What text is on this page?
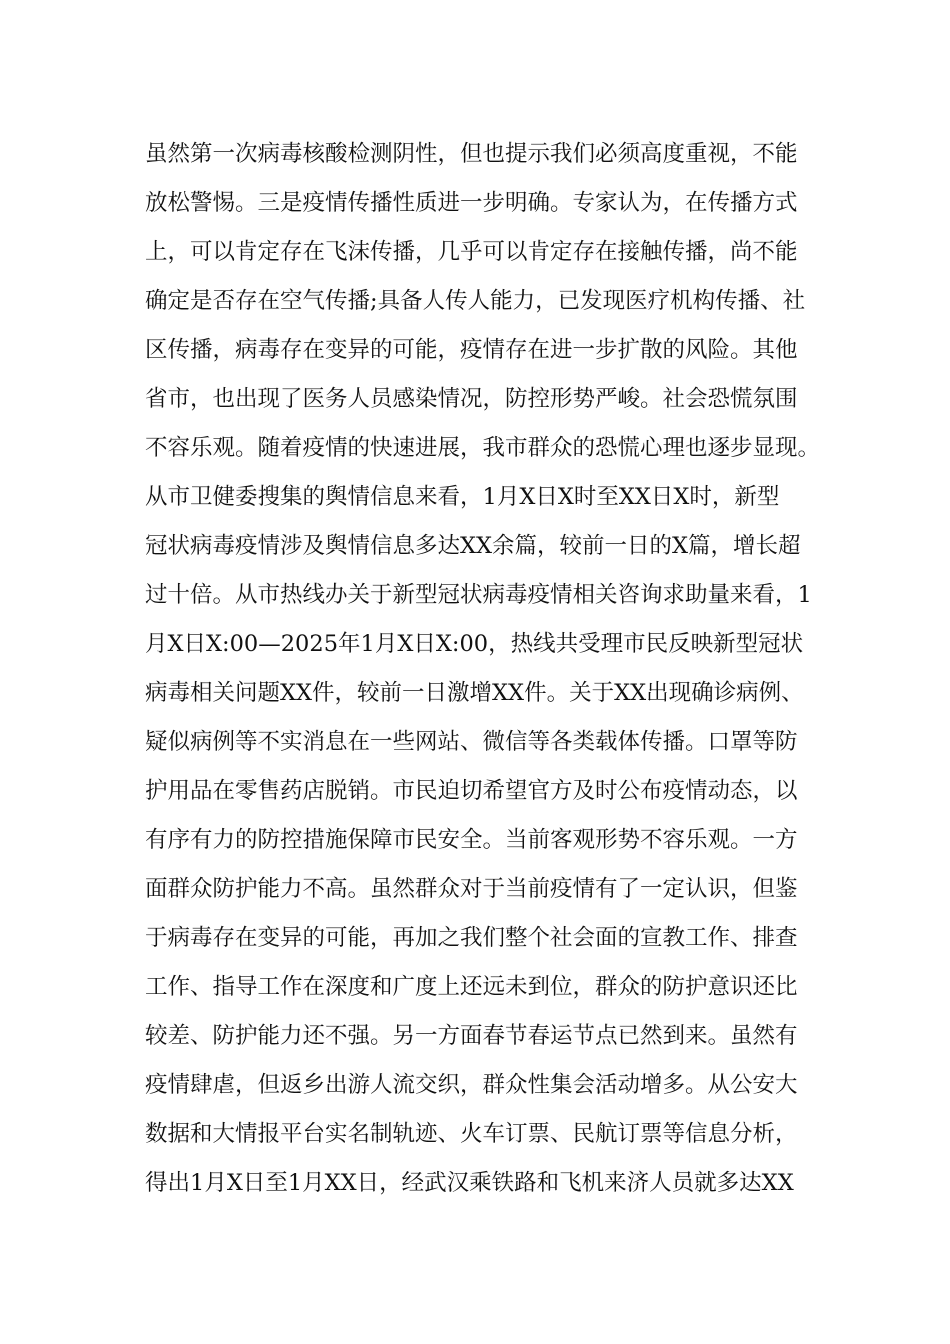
虽然第一次病毒核酸检测阴性，但也提示我们必须高度重视，不能
放松警惕。三是疫情传播性质进一步明确。专家认为，在传播方式
上，可以肯定存在飞沫传播，几乎可以肯定存在接触传播，尚不能
确定是否存在空气传播;具备人传人能力，已发现医疗机构传播、社
区传播，病毒存在变异的可能，疫情存在进一步扩散的风险。其他
省市，也出现了医务人员感染情况，防控形势严峻。社会恐慌氛围
不容乐观。随着疫情的快速进展，我市群众的恐慌心理也逐步显现。
从市卫健委搜集的舆情信息来看，1月X日X时至XX日X时，新型
冠状病毒疫情涉及舆情信息多达XX余篇，较前一日的X篇，增长超
过十倍。从市热线办关于新型冠状病毒疫情相关咨询求助量来看，1
月X日X:00—2025年1月X日X:00，热线共受理市民反映新型冠状
病毒相关问题XX件，较前一日激增XX件。关于XX出现确诊病例、
疑似病例等不实消息在一些网站、微信等各类载体传播。口罩等防
护用品在零售药店脱销。市民迫切希望官方及时公布疫情动态，以
有序有力的防控措施保障市民安全。当前客观形势不容乐观。一方
面群众防护能力不高。虽然群众对于当前疫情有了一定认识，但鉴
于病毒存在变异的可能，再加之我们整个社会面的宣教工作、排查
工作、指导工作在深度和广度上还远未到位，群众的防护意识还比
较差、防护能力还不强。另一方面春节春运节点已然到来。虽然有
疫情肆虐，但返乡出游人流交织，群众性集会活动增多。从公安大
数据和大情报平台实名制轨迹、火车订票、民航订票等信息分析，
得出1月X日至1月XX日，经武汉乘铁路和飞机来济人员就多达XX
